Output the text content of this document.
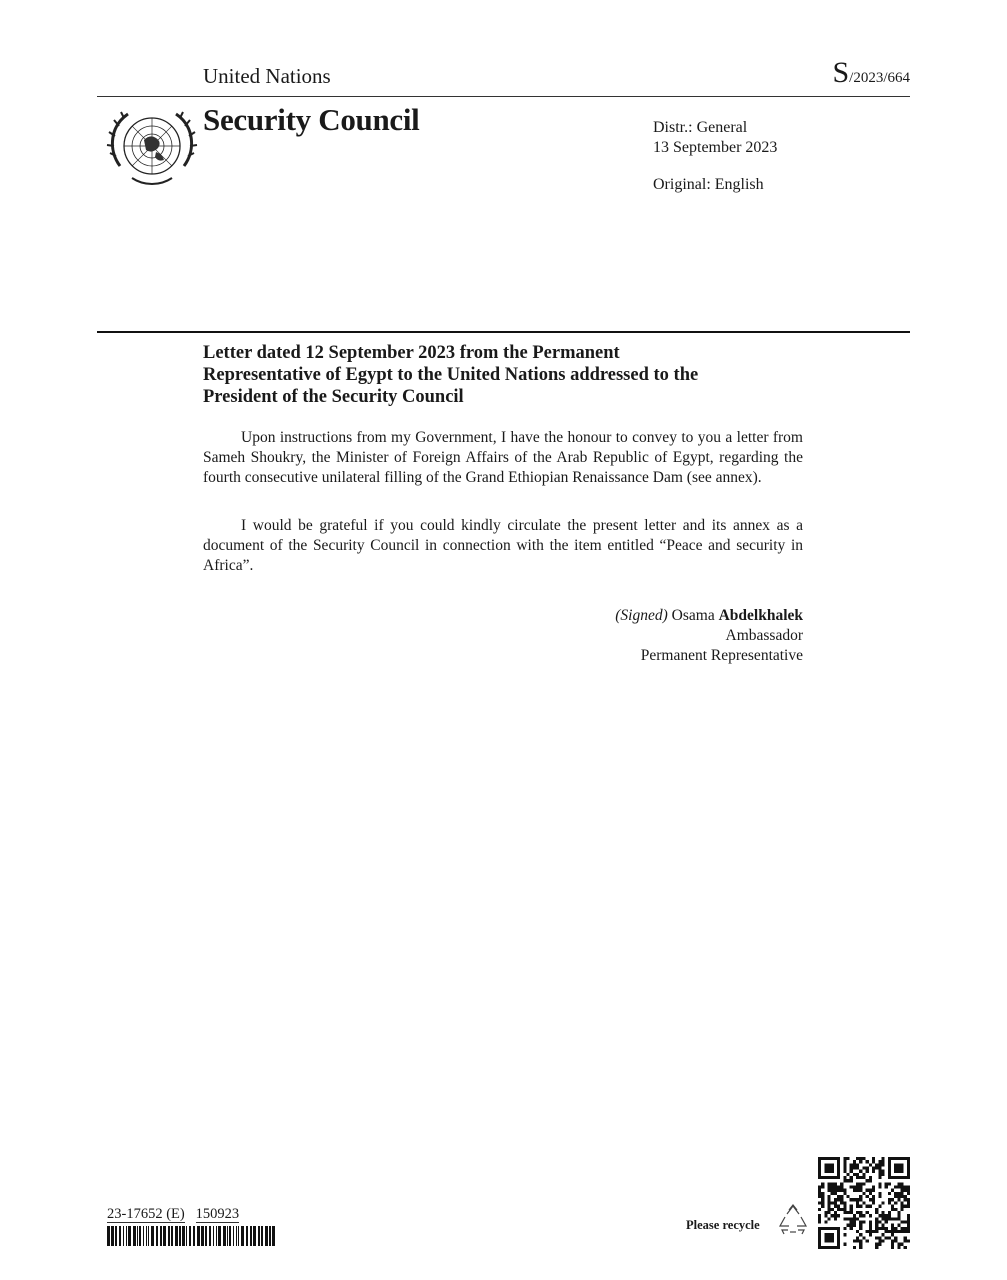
United Nations	S/2023/664
Security Council	Distr.: General
13 September 2023
Original: English
Letter dated 12 September 2023 from the Permanent
Representative of Egypt to the United Nations addressed to the
President of the Security Council
Upon instructions from my Government, I have the honour to convey to you a letter from Sameh Shoukry, the Minister of Foreign Affairs of the Arab Republic of Egypt, regarding the fourth consecutive unilateral filling of the Grand Ethiopian Renaissance Dam (see annex).
I would be grateful if you could kindly circulate the present letter and its annex as a document of the Security Council in connection with the item entitled “Peace and security in Africa”.
(Signed) Osama Abdelkhalek
Ambassador
Permanent Representative
23-17652 (E) 150923
Please recycle
